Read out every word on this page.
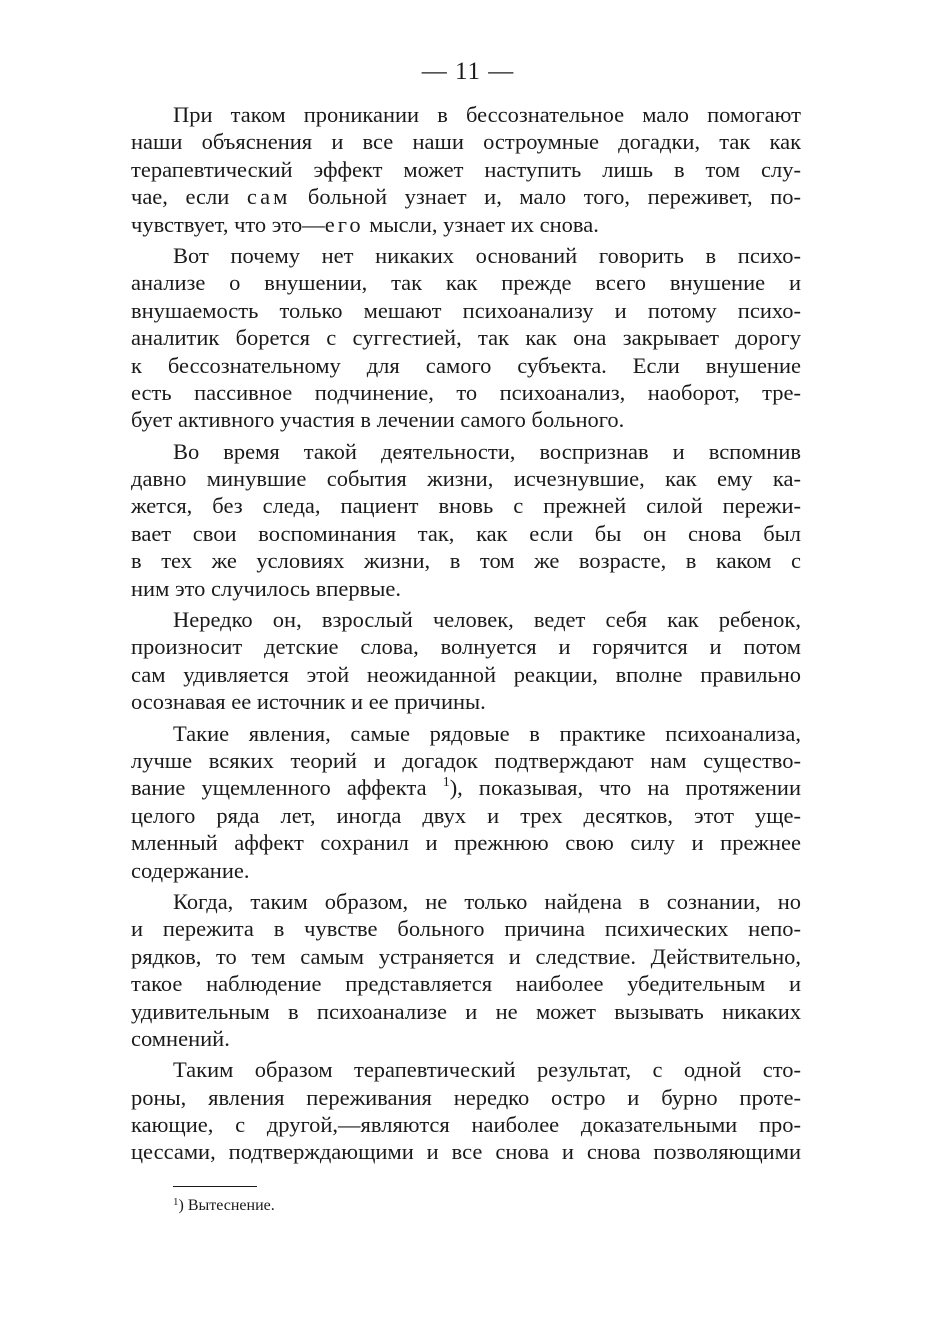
— 11 —
При таком проникании в бессознательное мало помогают
наши объяснения и все наши остроумные догадки, так как
терапевтический эффект может наступить лишь в том слу-
чае, если сам больной узнает и, мало того, переживет, по-
чувствует, что это—его мысли, узнает их снова.
Вот почему нет никаких оснований говорить в психо-
анализе о внушении, так как прежде всего внушение и
внушаемость только мешают психоанализу и потому психо-
аналитик борется с суггестией, так как она закрывает дорогу
к бессознательному для самого субъекта. Если внушение
есть пассивное подчинение, то психоанализ, наоборот, тре-
бует активного участия в лечении самого больного.
Во время такой деятельности, воспризнав и вспомнив
давно минувшие события жизни, исчезнувшие, как ему ка-
жется, без следа, пациент вновь с прежней силой пережи-
вает свои воспоминания так, как если бы он снова был
в тех же условиях жизни, в том же возрасте, в каком с
ним это случилось впервые.
Нередко он, взрослый человек, ведет себя как ребенок,
произносит детские слова, волнуется и горячится и потом
сам удивляется этой неожиданной реакции, вполне правильно
осознавая ее источник и ее причины.
Такие явления, самые рядовые в практике психоанализа,
лучше всяких теорий и догадок подтверждают нам существо-
вание ущемленного аффекта $^1$), показывая, что на протяжении
целого ряда лет, иногда двух и трех десятков, этот уще-
мленный аффект сохранил и прежнюю свою силу и прежнее
содержание.
Когда, таким образом, не только найдена в сознании, но
и пережита в чувстве больного причина психических непо-
рядков, то тем самым устраняется и следствие. Действительно,
такое наблюдение представляется наиболее убедительным и
удивительным в психоанализе и не может вызывать никаких
сомнений.
Таким образом терапевтический результат, с одной сто-
роны, явления переживания нередко остро и бурно проте-
кающие, с другой,—являются наиболее доказательными про-
цессами, подтверждающими и все снова и снова позволяющими
$^1$) Вытеснение.
